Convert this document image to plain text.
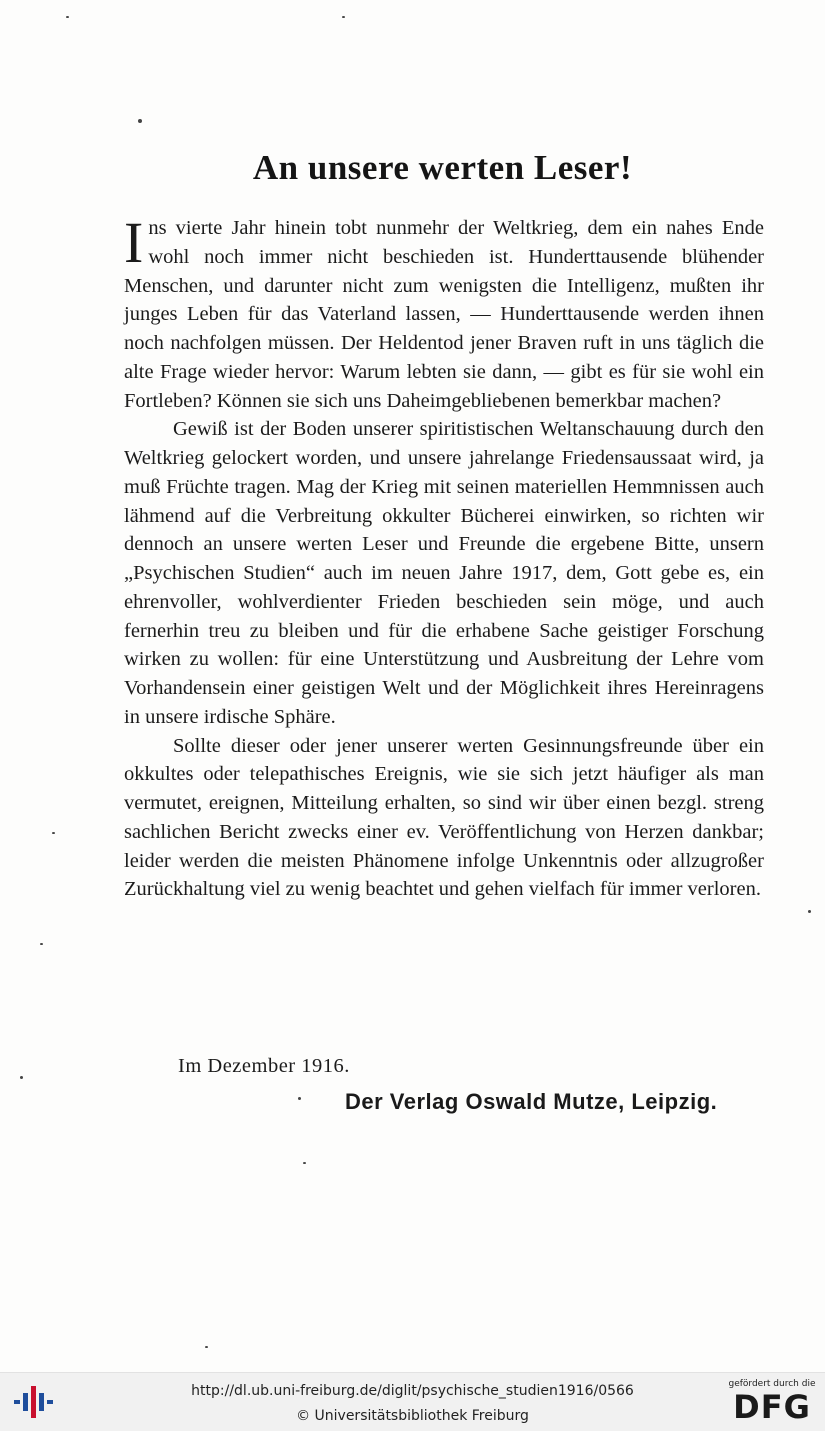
An unsere werten Leser!

Ins vierte Jahr hinein tobt nunmehr der Weltkrieg, dem ein nahes Ende wohl noch immer nicht beschieden ist. Hunderttausende blühender Menschen, und darunter nicht zum wenigsten die Intelligenz, mußten ihr junges Leben für das Vaterland lassen, — Hunderttausende werden ihnen noch nachfolgen müssen. Der Heldentod jener Braven ruft in uns täglich die alte Frage wieder hervor: Warum lebten sie dann, — gibt es für sie wohl ein Fortleben? Können sie sich uns Daheimgebliebenen bemerkbar machen?

Gewiß ist der Boden unserer spiritistischen Weltanschauung durch den Weltkrieg gelockert worden, und unsere jahrelange Friedensaussaat wird, ja muß Früchte tragen. Mag der Krieg mit seinen materiellen Hemmnissen auch lähmend auf die Verbreitung okkulter Bücherei einwirken, so richten wir dennoch an unsere werten Leser und Freunde die ergebene Bitte, unsern „Psychischen Studien“ auch im neuen Jahre 1917, dem, Gott gebe es, ein ehrenvoller, wohlverdienter Frieden beschieden sein möge, und auch fernerhin treu zu bleiben und für die erhabene Sache geistiger Forschung wirken zu wollen: für eine Unterstützung und Ausbreitung der Lehre vom Vorhandensein einer geistigen Welt und der Möglichkeit ihres Hereinragens in unsere irdische Sphäre.

Sollte dieser oder jener unserer werten Gesinnungsfreunde über ein okkultes oder telepathisches Ereignis, wie sie sich jetzt häufiger als man vermutet, ereignen, Mitteilung erhalten, so sind wir über einen bezgl. streng sachlichen Bericht zwecks einer ev. Veröffentlichung von Herzen dankbar; leider werden die meisten Phänomene infolge Unkenntnis oder allzugroßer Zurückhaltung viel zu wenig beachtet und gehen vielfach für immer verloren.

Im Dezember 1916.
Der Verlag Oswald Mutze, Leipzig.
http://dl.ub.uni-freiburg.de/diglit/psychische_studien1916/0566
© Universitätsbibliothek Freiburg
gefördert durch die
DFG
